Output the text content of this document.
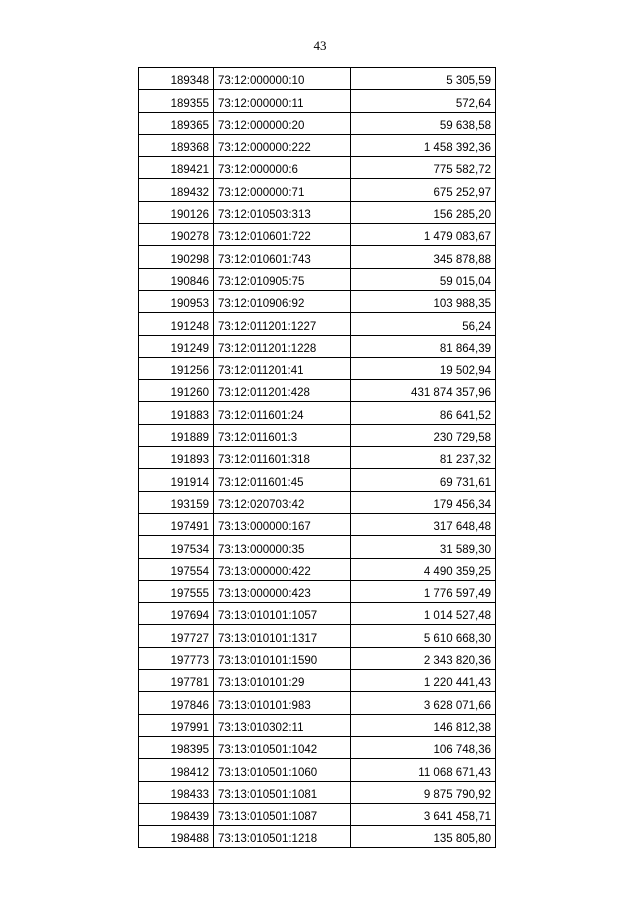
43
189348	73:12:000000:10	5 305,59
189355	73:12:000000:11	572,64
189365	73:12:000000:20	59 638,58
189368	73:12:000000:222	1 458 392,36
189421	73:12:000000:6	775 582,72
189432	73:12:000000:71	675 252,97
190126	73:12:010503:313	156 285,20
190278	73:12:010601:722	1 479 083,67
190298	73:12:010601:743	345 878,88
190846	73:12:010905:75	59 015,04
190953	73:12:010906:92	103 988,35
191248	73:12:011201:1227	56,24
191249	73:12:011201:1228	81 864,39
191256	73:12:011201:41	19 502,94
191260	73:12:011201:428	431 874 357,96
191883	73:12:011601:24	86 641,52
191889	73:12:011601:3	230 729,58
191893	73:12:011601:318	81 237,32
191914	73:12:011601:45	69 731,61
193159	73:12:020703:42	179 456,34
197491	73:13:000000:167	317 648,48
197534	73:13:000000:35	31 589,30
197554	73:13:000000:422	4 490 359,25
197555	73:13:000000:423	1 776 597,49
197694	73:13:010101:1057	1 014 527,48
197727	73:13:010101:1317	5 610 668,30
197773	73:13:010101:1590	2 343 820,36
197781	73:13:010101:29	1 220 441,43
197846	73:13:010101:983	3 628 071,66
197991	73:13:010302:11	146 812,38
198395	73:13:010501:1042	106 748,36
198412	73:13:010501:1060	11 068 671,43
198433	73:13:010501:1081	9 875 790,92
198439	73:13:010501:1087	3 641 458,71
198488	73:13:010501:1218	135 805,80
